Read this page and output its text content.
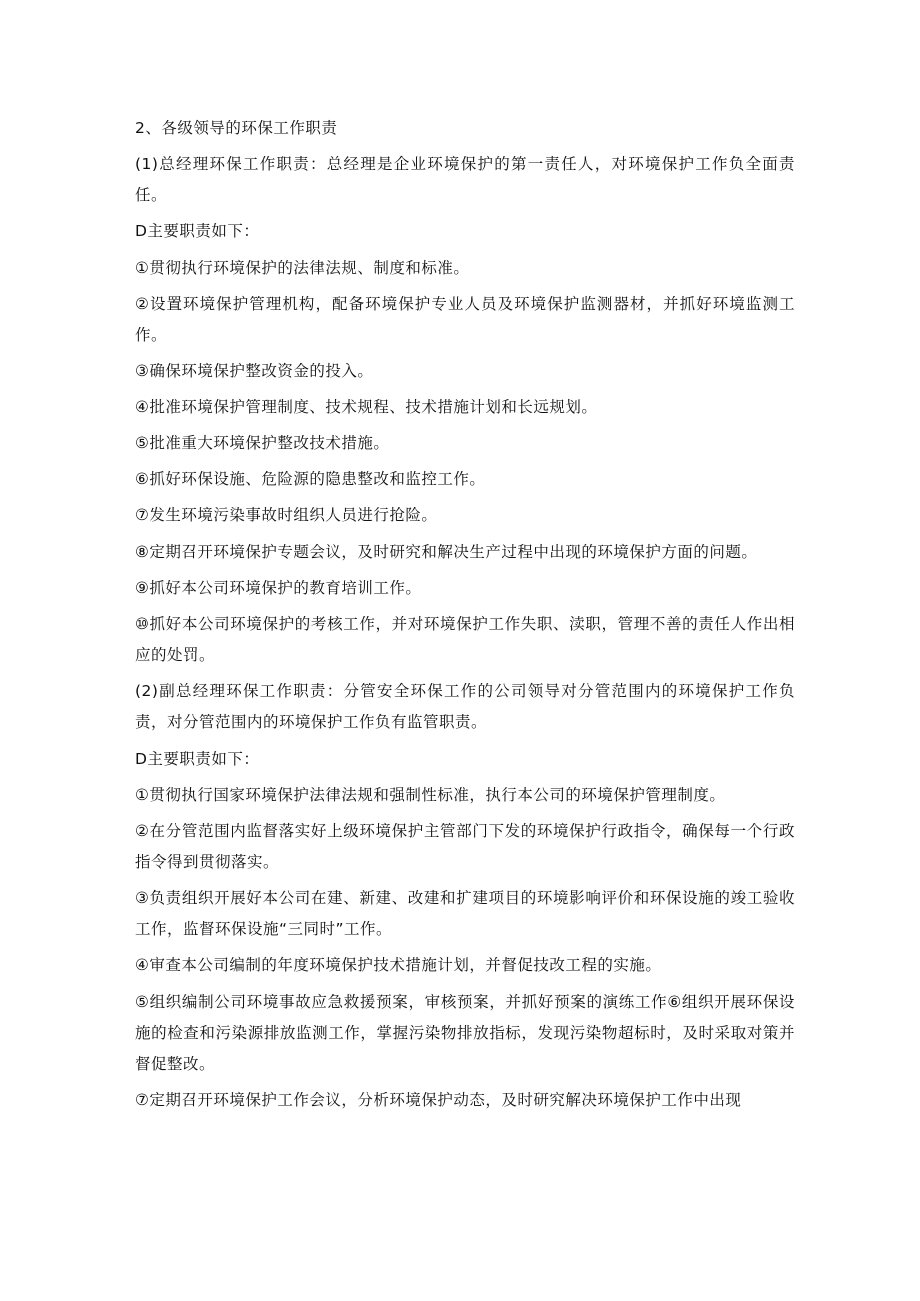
2、各级领导的环保工作职责

(1)总经理环保工作职责：总经理是企业环境保护的第一责任人，对环境保护工作负全面责任。

D主要职责如下：

①贯彻执行环境保护的法律法规、制度和标准。

②设置环境保护管理机构，配备环境保护专业人员及环境保护监测器材，并抓好环境监测工作。

③确保环境保护整改资金的投入。

④批准环境保护管理制度、技术规程、技术措施计划和长远规划。

⑤批准重大环境保护整改技术措施。

⑥抓好环保设施、危险源的隐患整改和监控工作。

⑦发生环境污染事故时组织人员进行抢险。

⑧定期召开环境保护专题会议，及时研究和解决生产过程中出现的环境保护方面的问题。

⑨抓好本公司环境保护的教育培训工作。

⑩抓好本公司环境保护的考核工作，并对环境保护工作失职、渎职，管理不善的责任人作出相应的处罚。

(2)副总经理环保工作职责：分管安全环保工作的公司领导对分管范围内的环境保护工作负责，对分管范围内的环境保护工作负有监管职责。

D主要职责如下：

①贯彻执行国家环境保护法律法规和强制性标准，执行本公司的环境保护管理制度。

②在分管范围内监督落实好上级环境保护主管部门下发的环境保护行政指令，确保每一个行政指令得到贯彻落实。

③负责组织开展好本公司在建、新建、改建和扩建项目的环境影响评价和环保设施的竣工验收工作，监督环保设施“三同时”工作。

④审查本公司编制的年度环境保护技术措施计划，并督促技改工程的实施。

⑤组织编制公司环境事故应急救援预案，审核预案，并抓好预案的演练工作⑥组织开展环保设施的检查和污染源排放监测工作，掌握污染物排放指标，发现污染物超标时，及时采取对策并督促整改。

⑦定期召开环境保护工作会议，分析环境保护动态，及时研究解决环境保护工作中出现
